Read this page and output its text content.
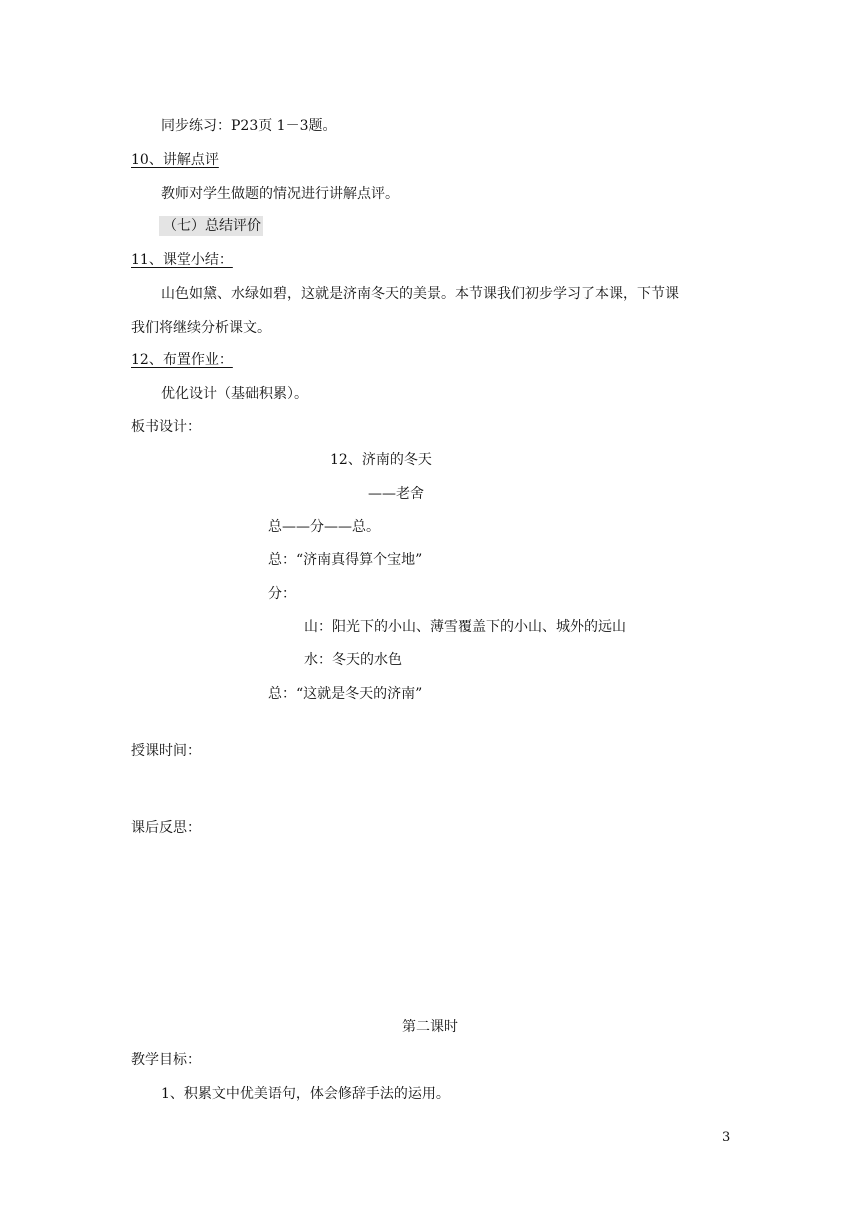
同步练习：P23页 1－3题。
10、讲解点评
教师对学生做题的情况进行讲解点评。
（七）总结评价
11、课堂小结：
山色如黛、水绿如碧，这就是济南冬天的美景。本节课我们初步学习了本课，下节课
我们将继续分析课文。
12、布置作业：
优化设计（基础积累）。
板书设计：
12、济南的冬天
——老舍
总——分——总。
总：“济南真得算个宝地”
分：
山：阳光下的小山、薄雪覆盖下的小山、城外的远山
水：冬天的水色
总：“这就是冬天的济南”
授课时间：
课后反思：
第二课时
教学目标：
1、积累文中优美语句，体会修辞手法的运用。
3
